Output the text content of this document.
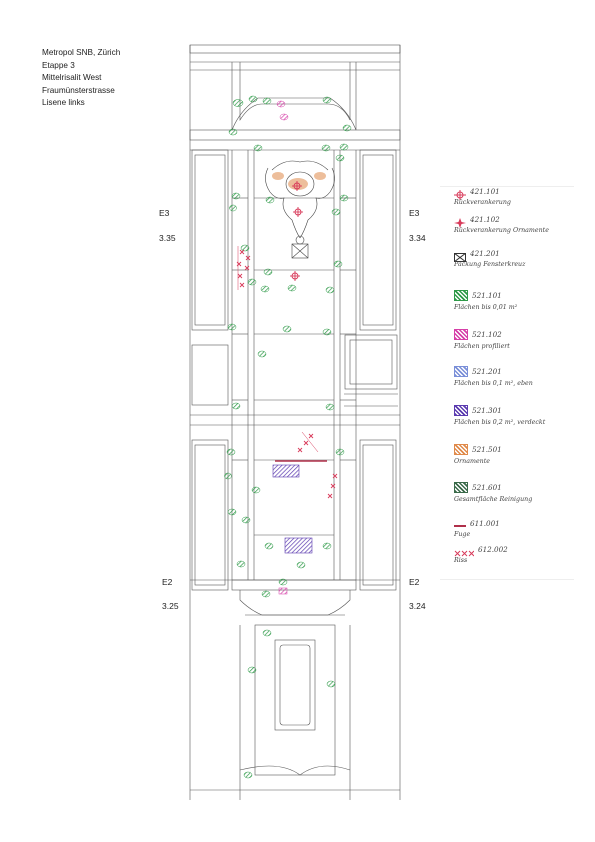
Metropol SNB, Zürich
Etappe 3
Mittelrisalit West
Fraumünsterstrasse
Lisene links
E3
3.35
E3
3.34
E2
3.25
E2
3.24
421.101
Rückverankerung
421.102
Rückverankerung Ornamente
421.201
Packung Fensterkreuz
521.101
Flächen bis 0,01 m²
521.102
Flächen profiliert
521.201
Flächen bis 0,1 m², eben
521.301
Flächen bis 0,2 m², verdeckt
521.501
Ornamente
521.601
Gesamtfläche Reinigung
611.001
Fuge
612.002
Riss
